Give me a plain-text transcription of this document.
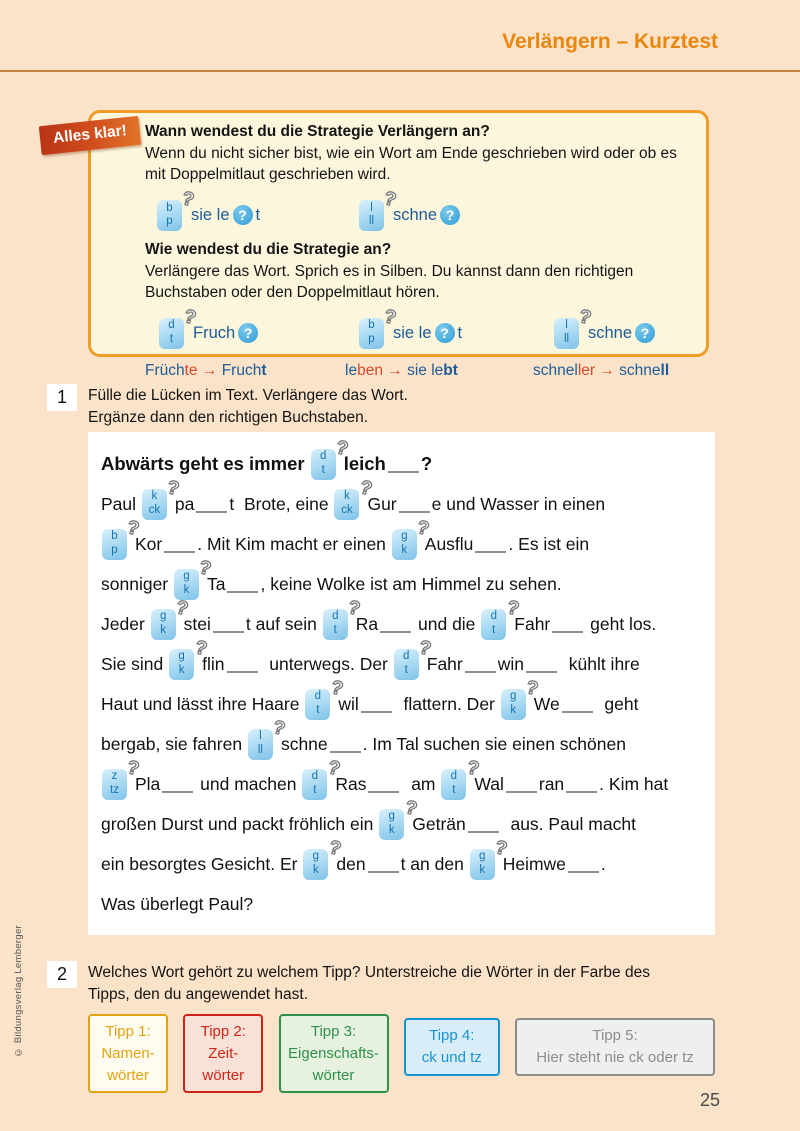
Verlängern – Kurztest
Alles klar!	Wann wendest du die Strategie Verlängern an?

Wenn du nicht sicher bist, wie ein Wort am Ende geschrieben wird oder ob es mit Doppelmitlaut geschrieben wird.

b
p
?
sie le ? t	l
ll
?
schne ?

Wie wendest du die Strategie an?

Verlängere das Wort. Sprich es in Silben. Du kannst dann den richtigen Buchstaben oder den Doppelmitlaut hören.

d
t
?
Fruch ?	b
p
?
sie le ? t	l
ll
?
schne ?
Früchte → Frucht	leben → sie lebt	schneller → schnell
1	Fülle die Lücken im Text. Verlängere das Wort.
Ergänze dann den richtigen Buchstaben.
Abwärts geht es immer d
t
?
leich ?
Paul k
ck
?
pa t  Brote, eine k
ck
?
Gur e und Wasser in einen
b
p
?
Kor . Mit Kim macht er einen g
k
?
Ausflu . Es ist ein
sonniger g
k
?
Ta , keine Wolke ist am Himmel zu sehen.
Jeder g
k
?
stei t auf sein d
t
?
Ra und die d
t
?
Fahr geht los.
Sie sind g
k
?
flin unterwegs. Der d
t
?
Fahr win kühlt ihre
Haut und lässt ihre Haare d
t
?
wil flattern. Der g
k
?
We geht
bergab, sie fahren l
ll
?
schne . Im Tal suchen sie einen schönen
z
tz
?
Pla und machen d
t
?
Ras am d
t
?
Wal ran . Kim hat
großen Durst und packt fröhlich ein g
k
?
Geträn aus. Paul macht
ein besorgtes Gesicht. Er g
k
?
den t an den g
k
?
Heimwe .
Was überlegt Paul?
2	Welches Wort gehört zu welchem Tipp? Unterstreiche die Wörter in der Farbe des
Tipps, den du angewendet hast.
Tipp 1:
Namen-
wörter
Tipp 2:
Zeit-
wörter
Tipp 3:
Eigenschafts-
wörter
Tipp 4:
ck und tz
Tipp 5:
Hier steht nie ck oder tz
© Bildungsverlag Lemberger
25
